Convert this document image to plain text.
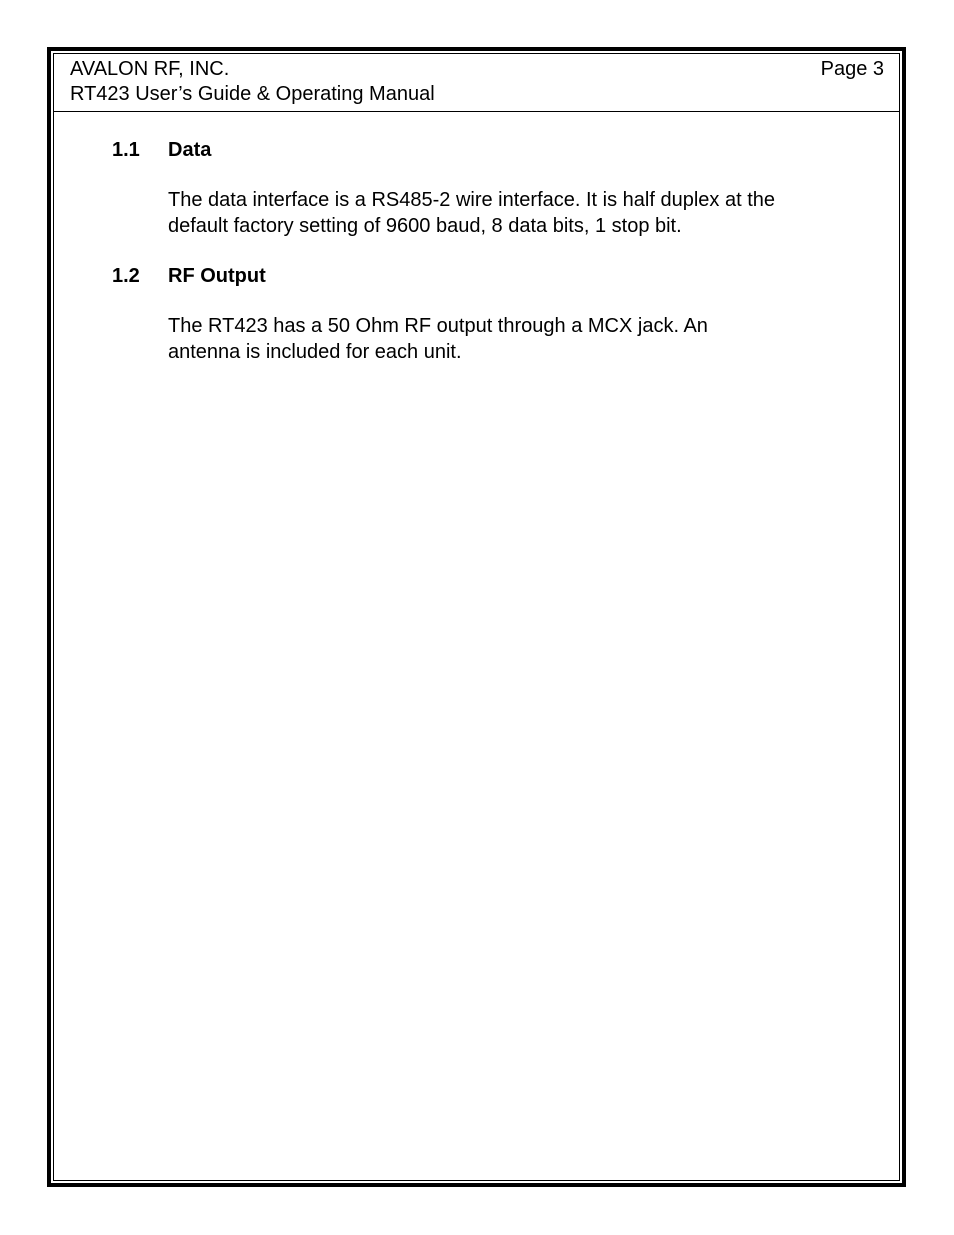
AVALON RF, INC.
RT423 User’s Guide & Operating Manual
Page 3
1.1 Data
The data interface is a RS485-2 wire interface. It is half duplex at the
default factory setting of 9600 baud, 8 data bits, 1 stop bit.
1.2 RF Output
The RT423 has a 50 Ohm RF output through a MCX jack. An
antenna is included for each unit.
